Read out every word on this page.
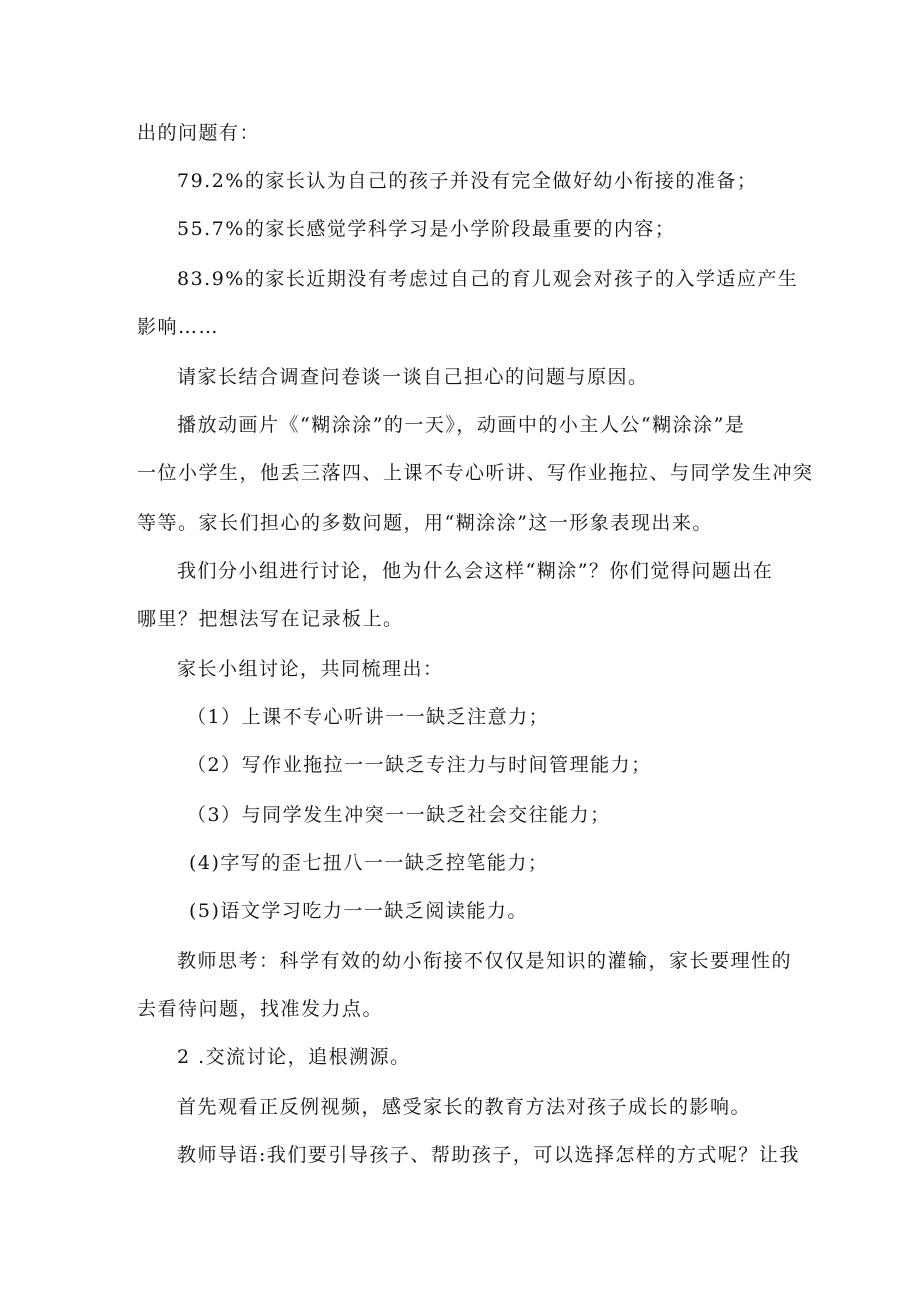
出的问题有：
79.2%的家长认为自己的孩子并没有完全做好幼小衔接的准备；
55.7%的家长感觉学科学习是小学阶段最重要的内容；
83.9%的家长近期没有考虑过自己的育儿观会对孩子的入学适应产生
影响……
请家长结合调查问卷谈一谈自己担心的问题与原因。
播放动画片《“糊涂涂”的一天》，动画中的小主人公“糊涂涂”是
一位小学生，他丢三落四、上课不专心听讲、写作业拖拉、与同学发生冲突
等等。家长们担心的多数问题，用“糊涂涂”这一形象表现出来。
我们分小组进行讨论，他为什么会这样“糊涂”？你们觉得问题出在
哪里？把想法写在记录板上。
家长小组讨论，共同梳理出：
（1）上课不专心听讲一一缺乏注意力；
（2）写作业拖拉一一缺乏专注力与时间管理能力；
（3）与同学发生冲突一一缺乏社会交往能力；
(4)字写的歪七扭八一一缺乏控笔能力；
(5)语文学习吃力一一缺乏阅读能力。
教师思考：科学有效的幼小衔接不仅仅是知识的灌输，家长要理性的
去看待问题，找准发力点。
2 .交流讨论，追根溯源。
首先观看正反例视频，感受家长的教育方法对孩子成长的影响。
教师导语:我们要引导孩子、帮助孩子，可以选择怎样的方式呢？让我
